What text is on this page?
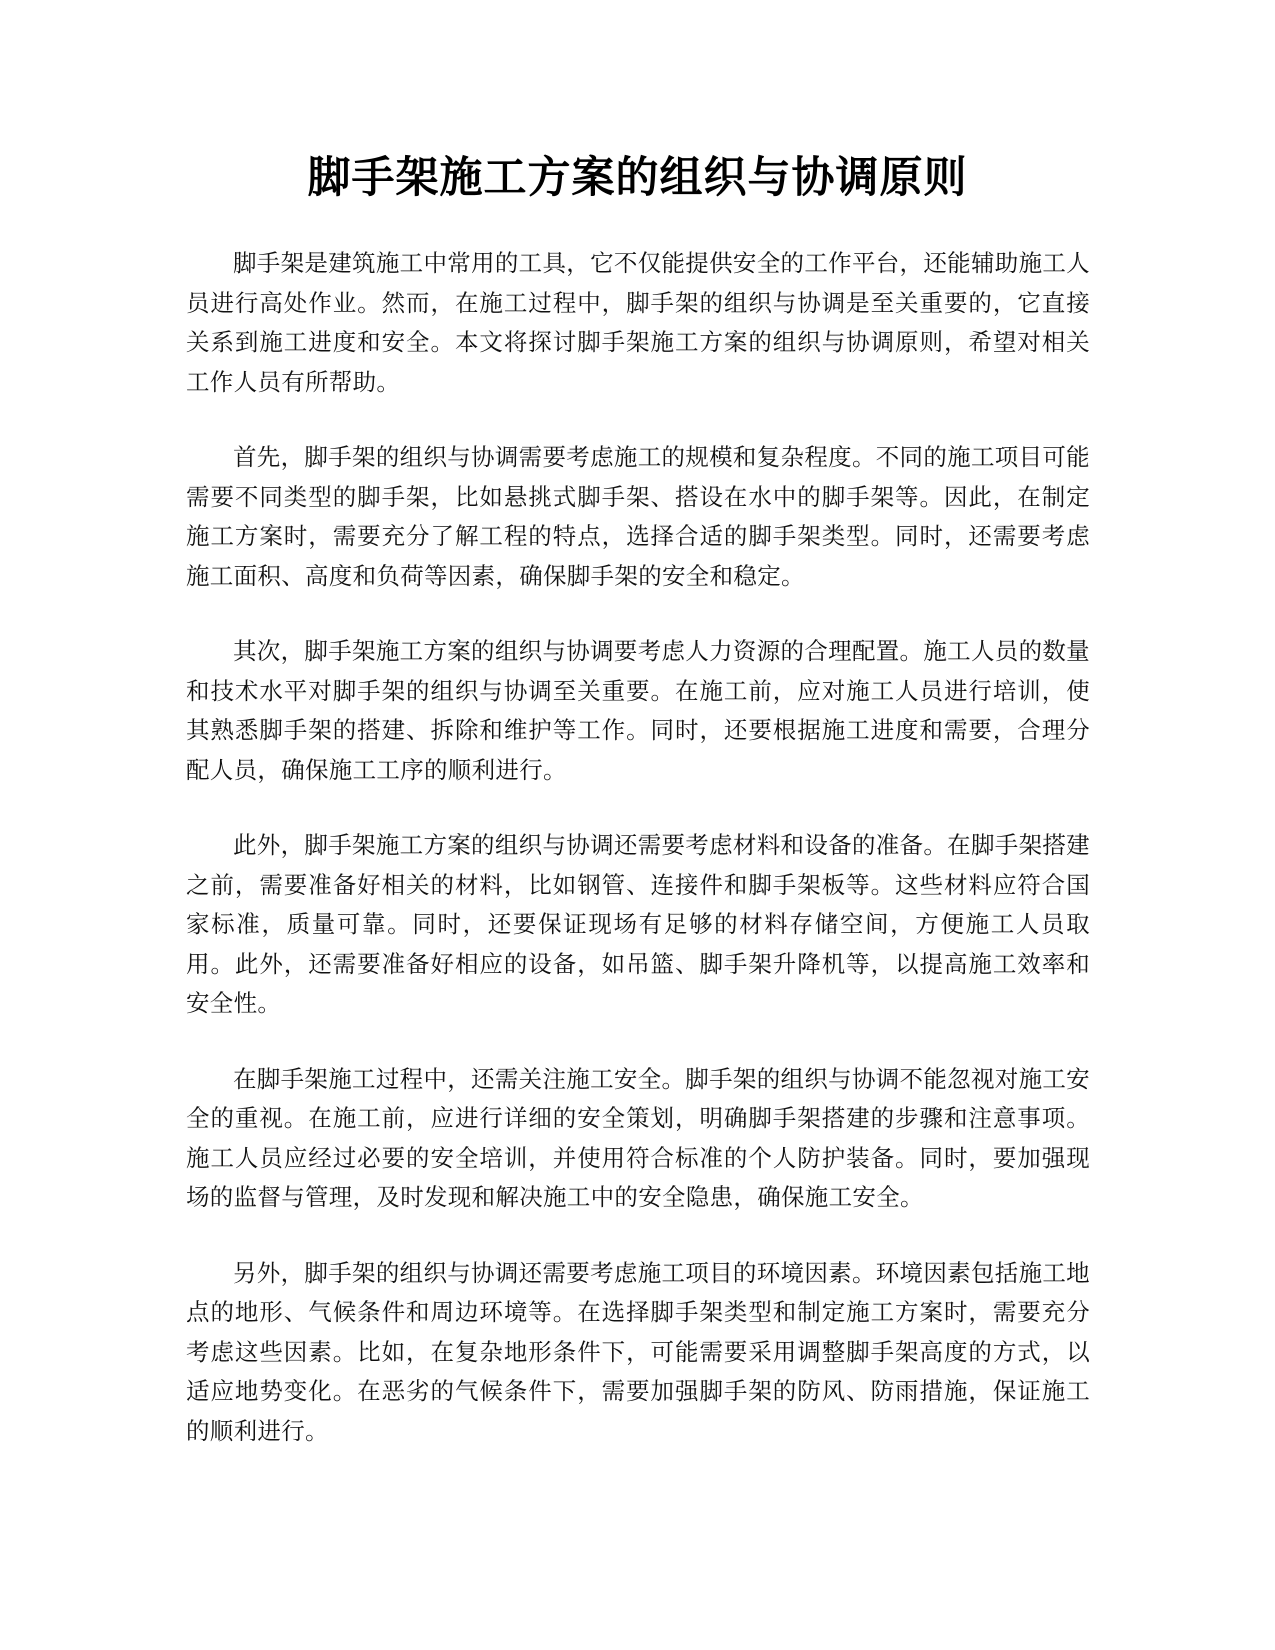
脚手架施工方案的组织与协调原则

脚手架是建筑施工中常用的工具，它不仅能提供安全的工作平台，还能辅助施工人员进行高处作业。然而，在施工过程中，脚手架的组织与协调是至关重要的，它直接关系到施工进度和安全。本文将探讨脚手架施工方案的组织与协调原则，希望对相关工作人员有所帮助。

首先，脚手架的组织与协调需要考虑施工的规模和复杂程度。不同的施工项目可能需要不同类型的脚手架，比如悬挑式脚手架、搭设在水中的脚手架等。因此，在制定施工方案时，需要充分了解工程的特点，选择合适的脚手架类型。同时，还需要考虑施工面积、高度和负荷等因素，确保脚手架的安全和稳定。

其次，脚手架施工方案的组织与协调要考虑人力资源的合理配置。施工人员的数量和技术水平对脚手架的组织与协调至关重要。在施工前，应对施工人员进行培训，使其熟悉脚手架的搭建、拆除和维护等工作。同时，还要根据施工进度和需要，合理分配人员，确保施工工序的顺利进行。

此外，脚手架施工方案的组织与协调还需要考虑材料和设备的准备。在脚手架搭建之前，需要准备好相关的材料，比如钢管、连接件和脚手架板等。这些材料应符合国家标准，质量可靠。同时，还要保证现场有足够的材料存储空间，方便施工人员取用。此外，还需要准备好相应的设备，如吊篮、脚手架升降机等，以提高施工效率和安全性。

在脚手架施工过程中，还需关注施工安全。脚手架的组织与协调不能忽视对施工安全的重视。在施工前，应进行详细的安全策划，明确脚手架搭建的步骤和注意事项。施工人员应经过必要的安全培训，并使用符合标准的个人防护装备。同时，要加强现场的监督与管理，及时发现和解决施工中的安全隐患，确保施工安全。

另外，脚手架的组织与协调还需要考虑施工项目的环境因素。环境因素包括施工地点的地形、气候条件和周边环境等。在选择脚手架类型和制定施工方案时，需要充分考虑这些因素。比如，在复杂地形条件下，可能需要采用调整脚手架高度的方式，以适应地势变化。在恶劣的气候条件下，需要加强脚手架的防风、防雨措施，保证施工的顺利进行。
